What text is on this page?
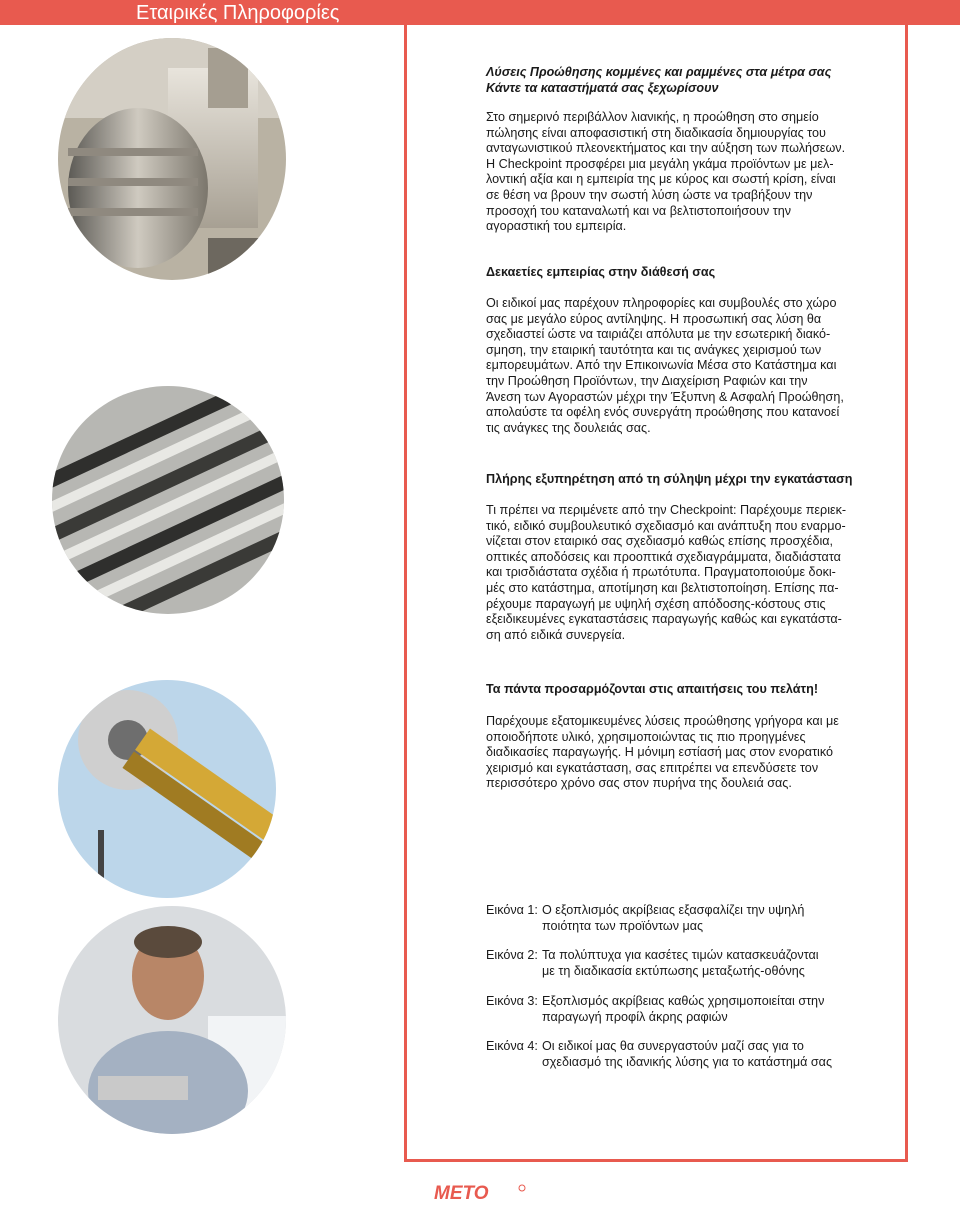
Εταιρικές Πληροφορίες
Λύσεις Προώθησης κομμένες και ραμμένες στα μέτρα σας
Κάντε τα καταστήματά σας ξεχωρίσουν
Στο σημερινό περιβάλλον λιανικής, η προώθηση στο σημείο
πώλησης είναι αποφασιστική στη διαδικασία δημιουργίας του
ανταγωνιστικού πλεονεκτήματος και την αύξηση των πωλήσεων.
Η Checkpoint προσφέρει μια μεγάλη γκάμα προϊόντων με μελ-
λοντική αξία και η εμπειρία της με κύρος και σωστή κρίση, είναι
σε θέση να βρουν την σωστή λύση ώστε να τραβήξουν την
προσοχή του καταναλωτή και να βελτιστοποιήσουν την
αγοραστική του εμπειρία.
Δεκαετίες εμπειρίας στην διάθεσή σας
Οι ειδικοί μας παρέχουν πληροφορίες και συμβουλές στο χώρο
σας με μεγάλο εύρος αντίληψης. Η προσωπική σας λύση θα
σχεδιαστεί ώστε να ταιριάζει απόλυτα με την εσωτερική διακό-
σμηση, την εταιρική ταυτότητα και τις ανάγκες χειρισμού των
εμπορευμάτων. Από την Επικοινωνία Μέσα στο Κατάστημα και
την Προώθηση Προϊόντων, την Διαχείριση Ραφιών και την
Άνεση των Αγοραστών μέχρι την Έξυπνη & Ασφαλή Προώθηση,
απολαύστε τα οφέλη ενός συνεργάτη προώθησης που κατανοεί
τις ανάγκες της δουλειάς σας.
Πλήρης εξυπηρέτηση από τη σύληψη μέχρι την εγκατάσταση
Τι πρέπει να περιμένετε από την Checkpoint: Παρέχουμε περιεκ-
τικό, ειδικό συμβουλευτικό σχεδιασμό και ανάπτυξη που εναρμο-
νίζεται στον εταιρικό σας σχεδιασμό καθώς επίσης προσχέδια,
οπτικές αποδόσεις και προοπτικά σχεδιαγράμματα, διαδιάστατα
και τρισδιάστατα σχέδια ή πρωτότυπα. Πραγματοποιούμε δοκι-
μές στο κατάστημα, αποτίμηση και βελτιστοποίηση. Επίσης πα-
ρέχουμε παραγωγή με υψηλή σχέση απόδοσης-κόστους στις
εξειδικευμένες εγκαταστάσεις παραγωγής καθώς και εγκατάστα-
ση από ειδικά συνεργεία.
Τα πάντα προσαρμόζονται στις απαιτήσεις του πελάτη!
Παρέχουμε εξατομικευμένες λύσεις προώθησης γρήγορα και με
οποιοδήποτε υλικό, χρησιμοποιώντας τις πιο προηγμένες
διαδικασίες παραγωγής. Η μόνιμη εστίασή μας στον ενορατικό
χειρισμό και εγκατάσταση, σας επιτρέπει να επενδύσετε τον
περισσότερο χρόνο σας στον πυρήνα της δουλειά σας.
Εικόνα 1: Ο εξοπλισμός ακρίβειας εξασφαλίζει την υψηλή
ποιότητα των προϊόντων μας
Εικόνα 2: Τα πολύπτυχα για κασέτες τιμών κατασκευάζονται
με τη διαδικασία εκτύπωσης μεταξωτής-οθόνης
Εικόνα 3: Εξοπλισμός ακρίβειας καθώς χρησιμοποιείται στην
παραγωγή προφίλ άκρης ραφιών
Εικόνα 4: Οι ειδικοί μας θα συνεργαστούν μαζί σας για το
σχεδιασμό της ιδανικής λύσης για το κατάστημά σας
METO
